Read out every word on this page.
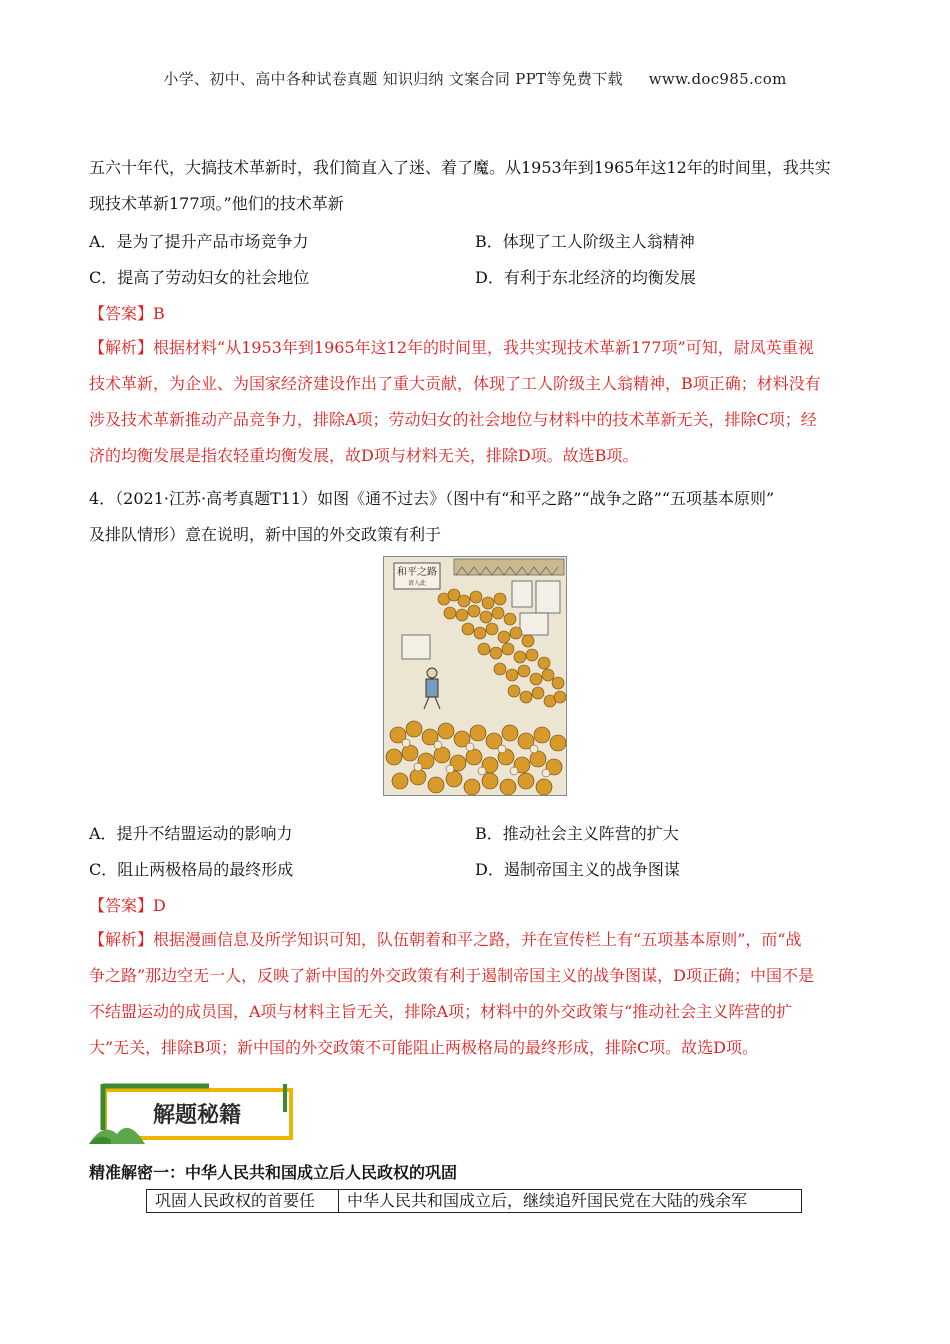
小学、初中、高中各种试卷真题 知识归纳 文案合同 PPT等免费下载 www.doc985.com
五六十年代，大搞技术革新时，我们简直入了迷、着了魔。从1953年到1965年这12年的时间里，我共实
现技术革新177项。”他们的技术革新
A．是为了提升产品市场竞争力	B．体现了工人阶级主人翁精神
C．提高了劳动妇女的社会地位	D．有利于东北经济的均衡发展
【答案】B
【解析】根据材料“从1953年到1965年这12年的时间里，我共实现技术革新177项”可知，尉凤英重视
技术革新，为企业、为国家经济建设作出了重大贡献，体现了工人阶级主人翁精神，B项正确；材料没有
涉及技术革新推动产品竞争力，排除A项；劳动妇女的社会地位与材料中的技术革新无关，排除C项；经
济的均衡发展是指农轻重均衡发展，故D项与材料无关，排除D项。故选B项。
4．（2021·江苏·高考真题T11）如图《通不过去》（图中有“和平之路”“战争之路”“五项基本原则”
及排队情形）意在说明，新中国的外交政策有利于
和平之路
请入此
A．提升不结盟运动的影响力	B．推动社会主义阵营的扩大
C．阻止两极格局的最终形成	D．遏制帝国主义的战争图谋
【答案】D
【解析】根据漫画信息及所学知识可知，队伍朝着和平之路，并在宣传栏上有“五项基本原则”，而“战
争之路”那边空无一人，反映了新中国的外交政策有利于遏制帝国主义的战争图谋，D项正确；中国不是
不结盟运动的成员国，A项与材料主旨无关，排除A项；材料中的外交政策与“推动社会主义阵营的扩
大”无关，排除B项；新中国的外交政策不可能阻止两极格局的最终形成，排除C项。故选D项。
解题秘籍
精准解密一：中华人民共和国成立后人民政权的巩固
巩固人民政权的首要任	中华人民共和国成立后，继续追歼国民党在大陆的残余军
